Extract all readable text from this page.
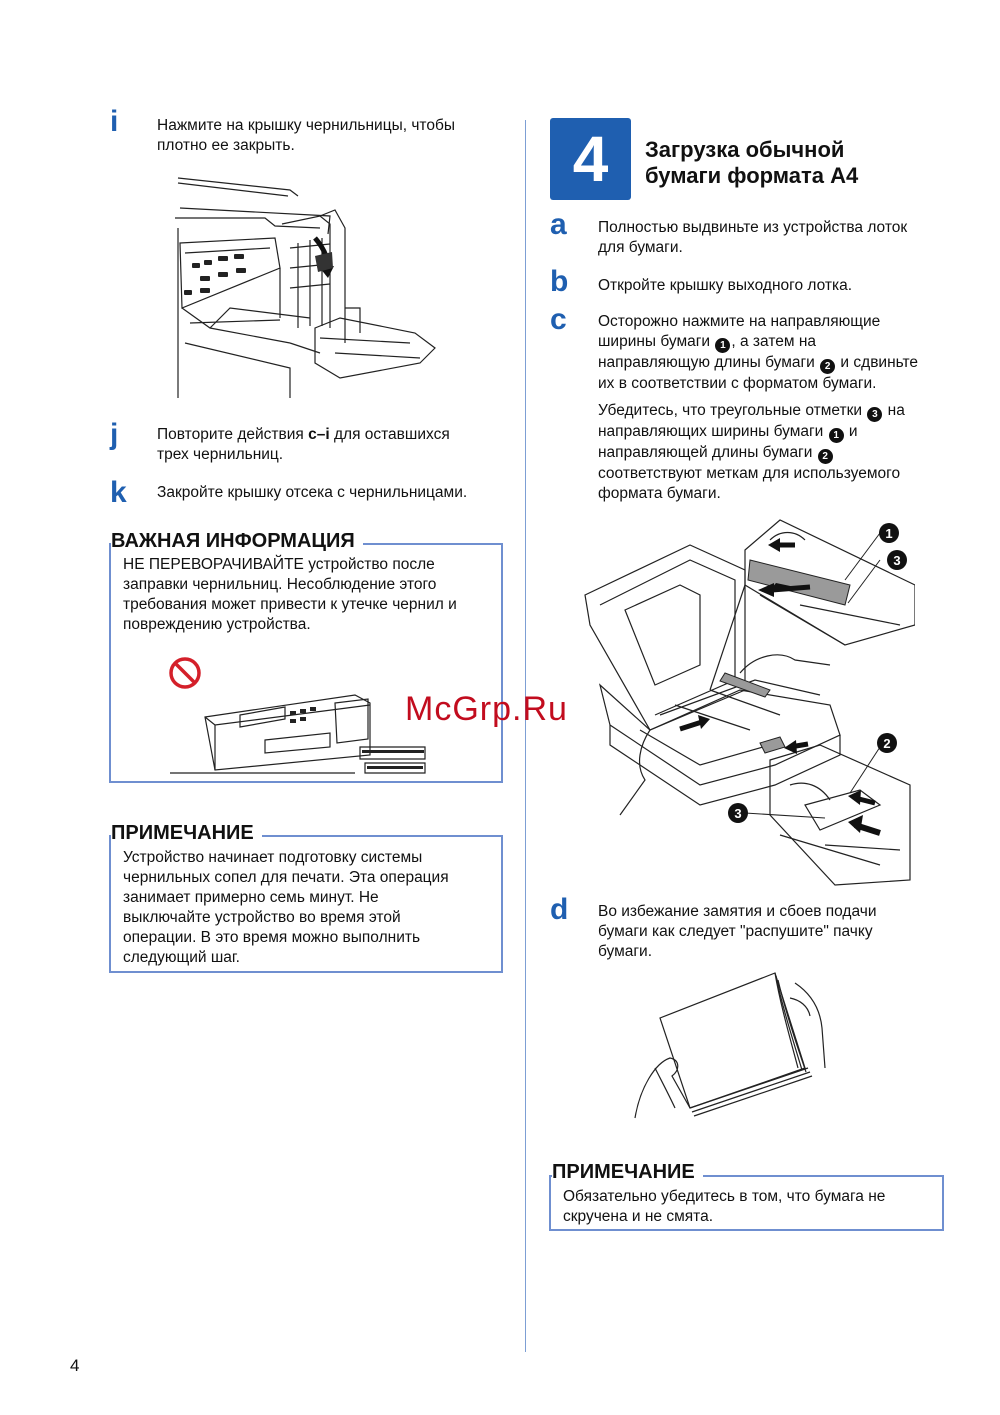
i Нажмите на крышку чернильницы, чтобы
плотно ее закрыть.
j Повторите действия c–i для оставшихся
трех чернильниц.
k Закройте крышку отсека с чернильницами.
ВАЖНАЯ ИНФОРМАЦИЯ
НЕ ПЕРЕВОРАЧИВАЙТЕ устройство после
заправки чернильниц. Несоблюдение этого
требования может привести к утечке чернил и
повреждению устройства.
ПРИМЕЧАНИЕ
Устройство начинает подготовку системы
чернильных сопел для печати. Эта операция
занимает примерно семь минут. Не
выключайте устройство во время этой
операции. В это время можно выполнить
следующий шаг.
4	Загрузка обычной
бумаги формата A4
a Полностью выдвиньте из устройства лоток
для бумаги.
b Откройте крышку выходного лотка.
c Осторожно нажмите на направляющие
ширины бумаги 1 , а затем на
направляющую длины бумаги 2 и сдвиньте
их в соответствии с форматом бумаги.
Убедитесь, что треугольные отметки 3 на
направляющих ширины бумаги 1 и
направляющей длины бумаги 2
соответствуют меткам для используемого
формата бумаги.
1
3
2
3
McGrp.Ru
d Во избежание замятия и сбоев подачи
бумаги как следует "распушите" пачку
бумаги.
ПРИМЕЧАНИЕ
Обязательно убедитесь в том, что бумага не
скручена и не смята.
4
